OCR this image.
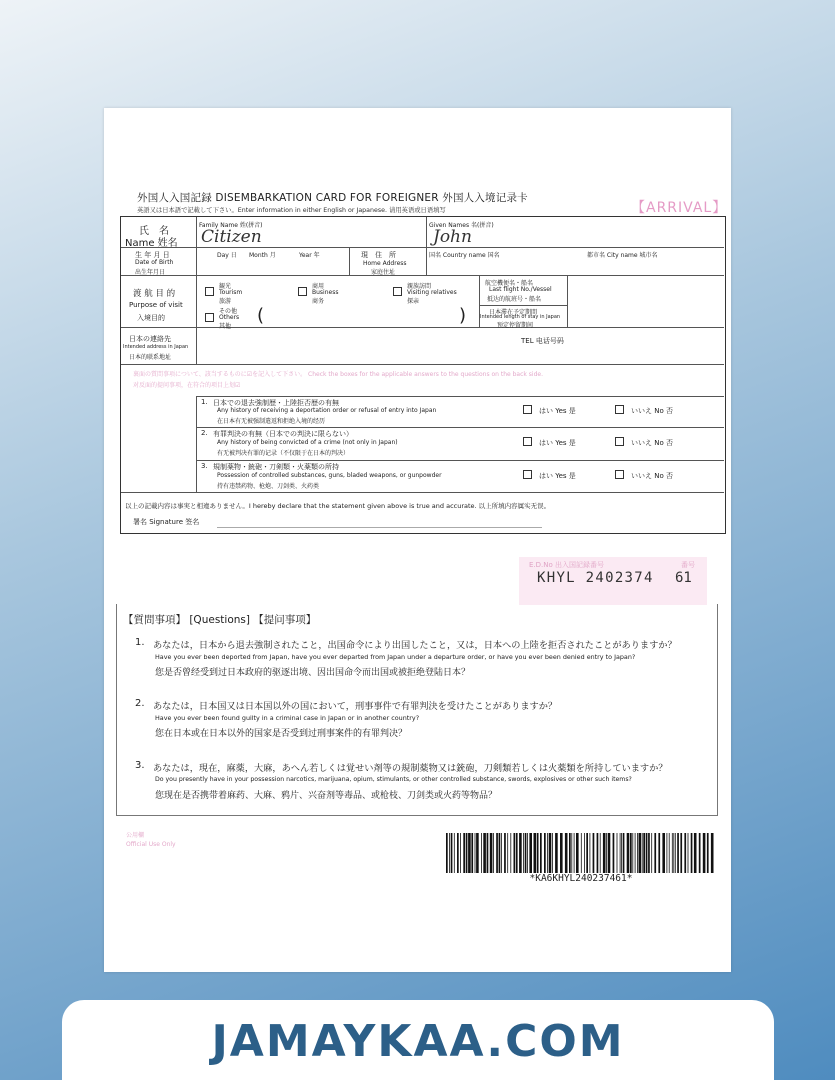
外国人入国記録 DISEMBARKATION CARD FOR FOREIGNER 外国人入境记录卡
英語又は日本語で記載して下さい。Enter information in either English or Japanese. 请用英语或日语填写	【ARRIVAL】
氏　名
Name 姓名
Family Name 姓(拼音)
Citizen
Given Names 名(拼音)
John
生 年 月 日
Date of Birth
出生年月日
Day 日 Month 月	Year 年	現　住　所
Home Address
家庭住址
国名 Country name 国名	都市名 City name 城市名
渡 航 目 的
Purpose of visit
入境目的
観光
Tourism
旅游
商用
Business
商务
親族訪問
Visiting relatives
探亲
その他
Others
其他
(	)
航空機便名・船名
Last flight No./Vessel
抵达的航班号・船名
日本滞在予定期間
Intended length of stay in Japan
预定停留期间
日本の連絡先
Intended address in Japan
日本的联系地址
TEL 电话号码
裏面の質問事項について、該当するものに☑を記入して下さい。 Check the boxes for the applicable answers to the questions on the back side.
对反面的提问事项，在符合的项目上划☑
1. 日本での退去強制歴・上陸拒否歴の有無
Any history of receiving a deportation order or refusal of entry into Japan
在日本有无被强制遣返和拒绝入境的经历
はい Yes 是	いいえ No 否
2. 有罪判決の有無（日本での判決に限らない）
Any history of being convicted of a crime (not only in Japan)
有无被判决有罪的记录（不仅限于在日本的判决）
はい Yes 是	いいえ No 否
3. 規制薬物・銃砲・刀剣類・火薬類の所持
Possession of controlled substances, guns, bladed weapons, or gunpowder
持有违禁药物、枪炮、刀剑类、火药类
はい Yes 是	いいえ No 否
以上の記載内容は事実と相違ありません。I hereby declare that the statement given above is true and accurate. 以上所填内容属实无误。
署名 Signature 签名
E.D.No 出入国記録番号	番号
KHYL 2402374 61
【質問事項】 [Questions] 【提问事项】
1. あなたは，日本から退去強制されたこと，出国命令により出国したこと，又は，日本への上陸を拒否されたことがありますか？
Have you ever been deported from Japan, have you ever departed from Japan under a departure order, or have you ever been denied entry to Japan?
您是否曾经受到过日本政府的驱逐出境、因出国命令而出国或被拒绝登陆日本？
2. あなたは，日本国又は日本国以外の国において，刑事事件で有罪判決を受けたことがありますか？
Have you ever been found guilty in a criminal case in Japan or in another country?
您在日本或在日本以外的国家是否受到过刑事案件的有罪判决？
3. あなたは，現在，麻薬，大麻，あへん若しくは覚せい剤等の規制薬物又は銃砲，刀剣類若しくは火薬類を所持していますか？
Do you presently have in your possession narcotics, marijuana, opium, stimulants, or other controlled substance, swords, explosives or other such items?
您现在是否携带着麻药、大麻、鸦片、兴奋剂等毒品、或枪枝、刀剑类或火药等物品？
公用欄
Official Use Only
*KA6KHYL240237461*
JAMAYKAA.COM
